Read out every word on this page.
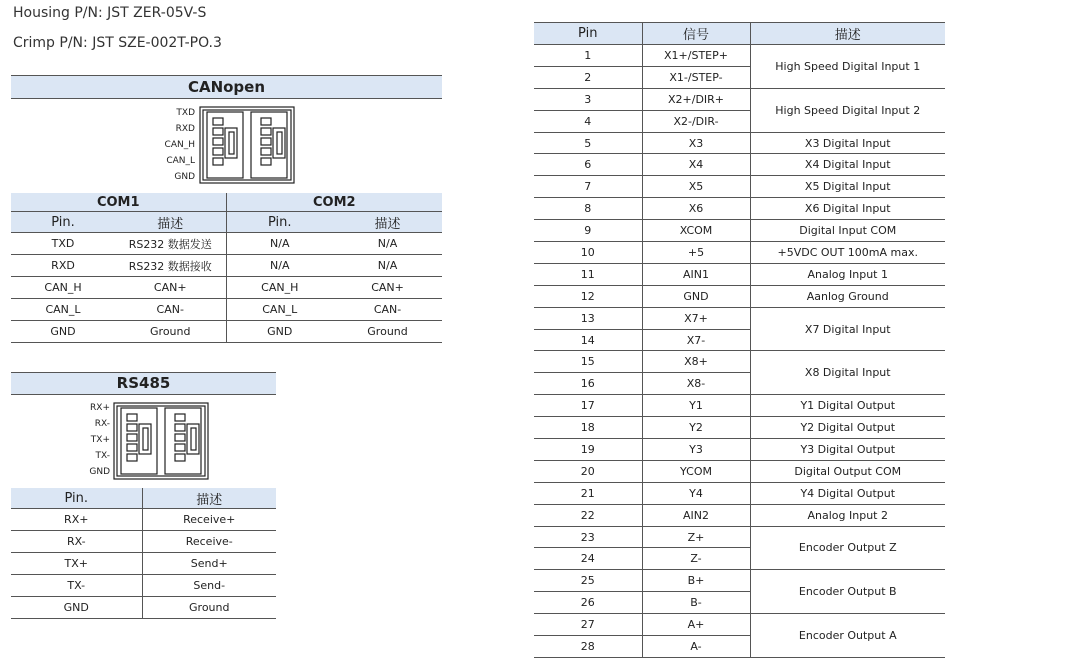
Housing P/N: JST ZER-05V-S
Crimp P/N: JST SZE-002T-PO.3
CANopen
TXD
RXD
CAN_H
CAN_L
GND
COM1		COM2	
Pin.	描述	Pin.	描述
TXD	RS232 数据发送	N/A	N/A
RXD	RS232 数据接收	N/A	N/A
CAN_H	CAN+	CAN_H	CAN+
CAN_L	CAN-	CAN_L	CAN-
GND	Ground	GND	Ground
RS485
RX+
RX-
TX+
TX-
GND
Pin.	描述
RX+	Receive+
RX-	Receive-
TX+	Send+
TX-	Send-
GND	Ground
Pin	信号	描述
1	X1+/STEP+	High Speed Digital Input 1
2	X1-/STEP-	
3	X2+/DIR+	High Speed Digital Input 2
4	X2-/DIR-	
5	X3	X3 Digital Input
6	X4	X4 Digital Input
7	X5	X5 Digital Input
8	X6	X6 Digital Input
9	XCOM	Digital Input COM
10	+5	+5VDC OUT 100mA max.
11	AIN1	Analog Input 1
12	GND	Aanlog Ground
13	X7+	X7 Digital Input
14	X7-	
15	X8+	X8 Digital Input
16	X8-	
17	Y1	Y1 Digital Output
18	Y2	Y2 Digital Output
19	Y3	Y3 Digital Output
20	YCOM	Digital Output COM
21	Y4	Y4 Digital Output
22	AIN2	Analog Input 2
23	Z+	Encoder Output Z
24	Z-	
25	B+	Encoder Output B
26	B-	
27	A+	Encoder Output A
28	A-	
